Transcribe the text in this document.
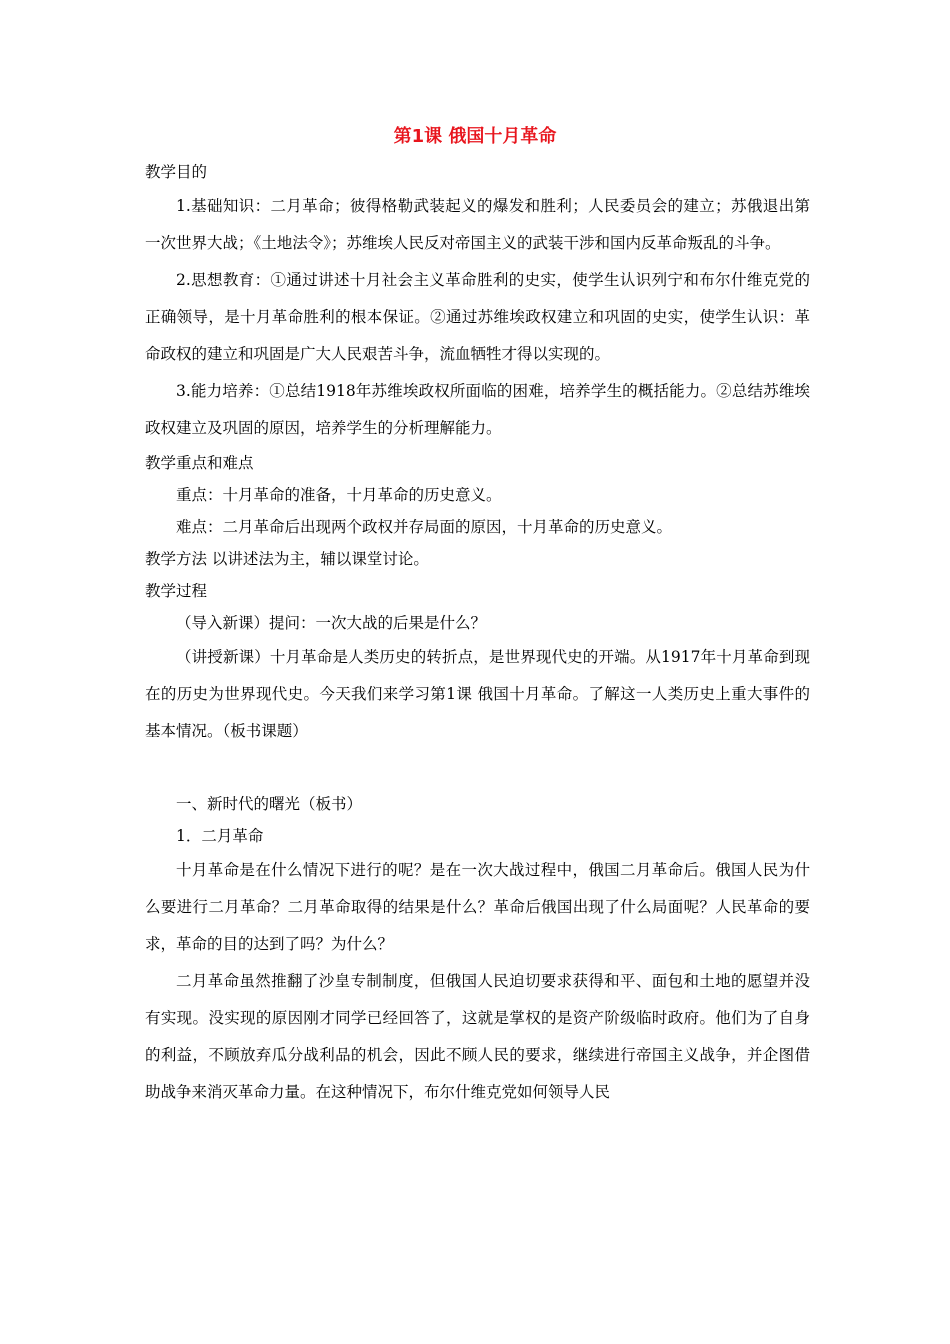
第1课 俄国十月革命

教学目的

1.基础知识：二月革命；彼得格勒武装起义的爆发和胜利；人民委员会的建立；苏俄退出第一次世界大战；《土地法令》；苏维埃人民反对帝国主义的武装干涉和国内反革命叛乱的斗争。

2.思想教育：①通过讲述十月社会主义革命胜利的史实，使学生认识列宁和布尔什维克党的正确领导，是十月革命胜利的根本保证。②通过苏维埃政权建立和巩固的史实，使学生认识：革命政权的建立和巩固是广大人民艰苦斗争，流血牺牲才得以实现的。

3.能力培养：①总结1918年苏维埃政权所面临的困难，培养学生的概括能力。②总结苏维埃政权建立及巩固的原因，培养学生的分析理解能力。

教学重点和难点

重点：十月革命的准备，十月革命的历史意义。

难点：二月革命后出现两个政权并存局面的原因，十月革命的历史意义。

教学方法 以讲述法为主，辅以课堂讨论。

教学过程

（导入新课）提问：一次大战的后果是什么？

（讲授新课）十月革命是人类历史的转折点，是世界现代史的开端。从1917年十月革命到现在的历史为世界现代史。今天我们来学习第1课 俄国十月革命。了解这一人类历史上重大事件的基本情况。（板书课题）

一、新时代的曙光（板书）

1．二月革命

十月革命是在什么情况下进行的呢？是在一次大战过程中，俄国二月革命后。俄国人民为什么要进行二月革命？二月革命取得的结果是什么？革命后俄国出现了什么局面呢？人民革命的要求，革命的目的达到了吗？为什么？

二月革命虽然推翻了沙皇专制制度，但俄国人民迫切要求获得和平、面包和土地的愿望并没有实现。没实现的原因刚才同学已经回答了，这就是掌权的是资产阶级临时政府。他们为了自身的利益，不顾放弃瓜分战利品的机会，因此不顾人民的要求，继续进行帝国主义战争，并企图借助战争来消灭革命力量。在这种情况下，布尔什维克党如何领导人民
